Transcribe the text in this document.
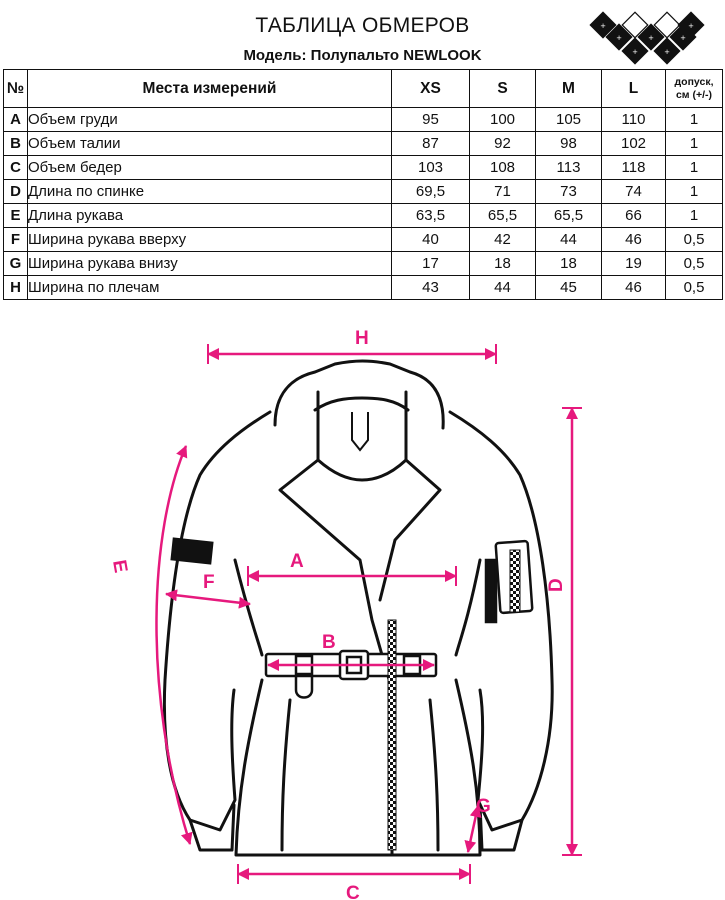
ТАБЛИЦА ОБМЕРОВ
Модель: Полупальто NEWLOOK
+
+	+	+
+
+	+
№	Места измерений	XS	S	M	L	допуск,
см (+/-)
A	Объем груди	95	100	105	110	1
B	Объем талии	87	92	98	102	1
C	Объем бедер	103	108	113	118	1
D	Длина по спинке	69,5	71	73	74	1
E	Длина рукава	63,5	65,5	65,5	66	1
F	Ширина рукава вверху	40	42	44	46	0,5
G	Ширина рукава внизу	17	18	18	19	0,5
H	Ширина по плечам	43	44	45	46	0,5
H
A
B
C
D
E
F
G
